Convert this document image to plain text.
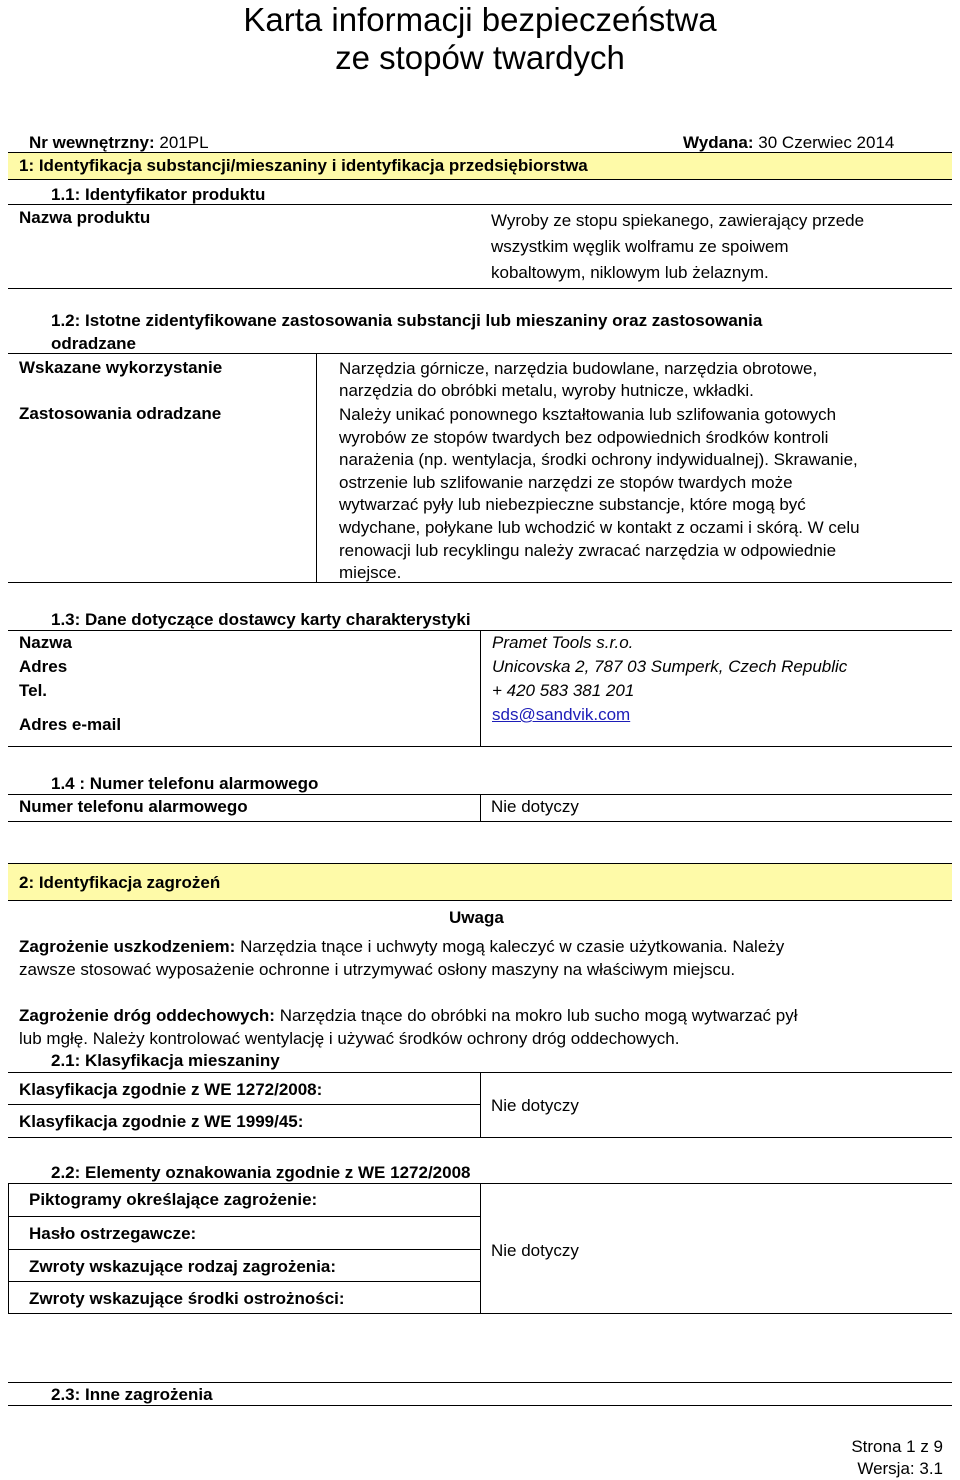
Karta informacji bezpieczeństwa
ze stopów twardych
Nr wewnętrzny: 201PL	Wydana: 30 Czerwiec 2014
1: Identyfikacja substancji/mieszaniny i identyfikacja przedsiębiorstwa
1.1: Identyfikator produktu
Nazwa produktu	Wyroby ze stopu spiekanego, zawierający przede
wszystkim węglik wolframu ze spoiwem
kobaltowym, niklowym lub żelaznym.
1.2: Istotne zidentyfikowane zastosowania substancji lub mieszaniny oraz zastosowania
odradzane
Wskazane wykorzystanie	Narzędzia górnicze, narzędzia budowlane, narzędzia obrotowe,
narzędzia do obróbki metalu, wyroby hutnicze, wkładki.
Zastosowania odradzane	Należy unikać ponownego kształtowania lub szlifowania gotowych
wyrobów ze stopów twardych bez odpowiednich środków kontroli
narażenia (np. wentylacja, środki ochrony indywidualnej). Skrawanie,
ostrzenie lub szlifowanie narzędzi ze stopów twardych może
wytwarzać pyły lub niebezpieczne substancje, które mogą być
wdychane, połykane lub wchodzić w kontakt z oczami i skórą. W celu
renowacji lub recyklingu należy zwracać narzędzia w odpowiednie
miejsce.
1.3: Dane dotyczące dostawcy karty charakterystyki
Nazwa	Pramet Tools s.r.o.
Adres	Unicovska 2, 787 03 Sumperk, Czech Republic
Tel.	+ 420 583 381 201
Adres e-mail
sds@sandvik.com
1.4 : Numer telefonu alarmowego
Numer telefonu alarmowego	Nie dotyczy
2: Identyfikacja zagrożeń
Uwaga
Zagrożenie uszkodzeniem: Narzędzia tnące i uchwyty mogą kaleczyć w czasie użytkowania. Należy
zawsze stosować wyposażenie ochronne i utrzymywać osłony maszyny na właściwym miejscu.
Zagrożenie dróg oddechowych: Narzędzia tnące do obróbki na mokro lub sucho mogą wytwarzać pył
lub mgłę. Należy kontrolować wentylację i używać środków ochrony dróg oddechowych.
2.1: Klasyfikacja mieszaniny
Klasyfikacja zgodnie z WE 1272/2008:
Klasyfikacja zgodnie z WE 1999/45:
Nie dotyczy
2.2: Elementy oznakowania zgodnie z WE 1272/2008
Piktogramy określające zagrożenie:
Hasło ostrzegawcze:
Zwroty wskazujące rodzaj zagrożenia:
Zwroty wskazujące środki ostrożności:
Nie dotyczy
2.3: Inne zagrożenia
Strona 1 z 9
Wersja: 3.1
